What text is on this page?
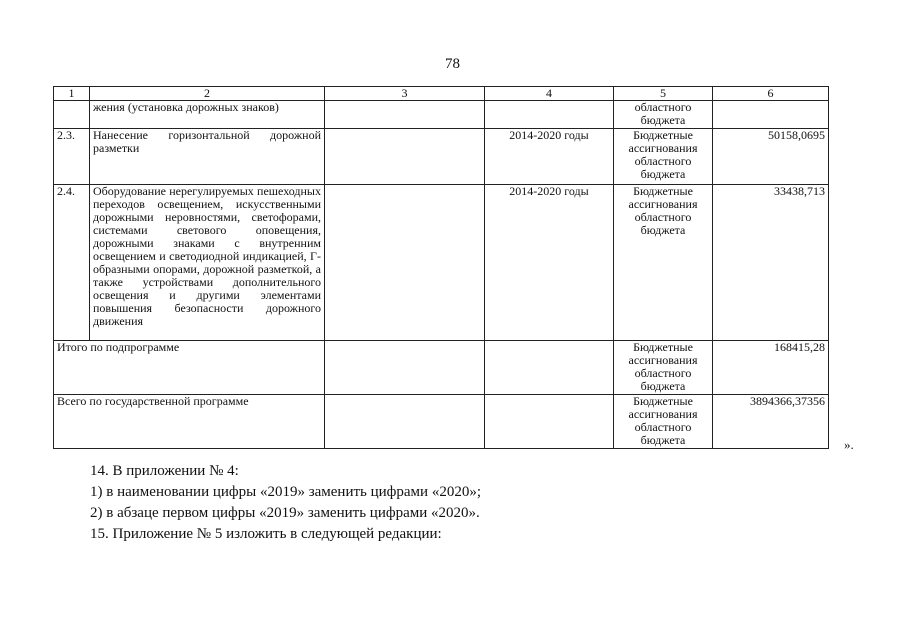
78
1	2	3	4	5	6
	жения (установка дорожных знаков)			областного бюджета	
2.3.	Нанесение горизонтальной дорожной разметки		2014-2020 годы	Бюджетные ассигнования областного бюджета	50158,0695
2.4.	Оборудование нерегулируемых пешеходных переходов освещением, искусственными дорожными неровностями, светофорами, системами светового оповещения, дорожными знаками с внутренним освещением и светодиодной индикацией, Г-образными опорами, дорожной разметкой, а также устройствами дополнительного освещения и другими элементами повышения безопасности дорожного движения		2014-2020 годы	Бюджетные ассигнования областного бюджета	33438,713
Итого по подпрограмме				Бюджетные ассигнования областного бюджета	168415,28
Всего по государственной программе				Бюджетные ассигнования областного бюджета	3894366,37356
».
14. В приложении № 4:
1) в наименовании цифры «2019» заменить цифрами «2020»;
2) в абзаце первом цифры «2019» заменить цифрами «2020».
15. Приложение № 5 изложить в следующей редакции:
